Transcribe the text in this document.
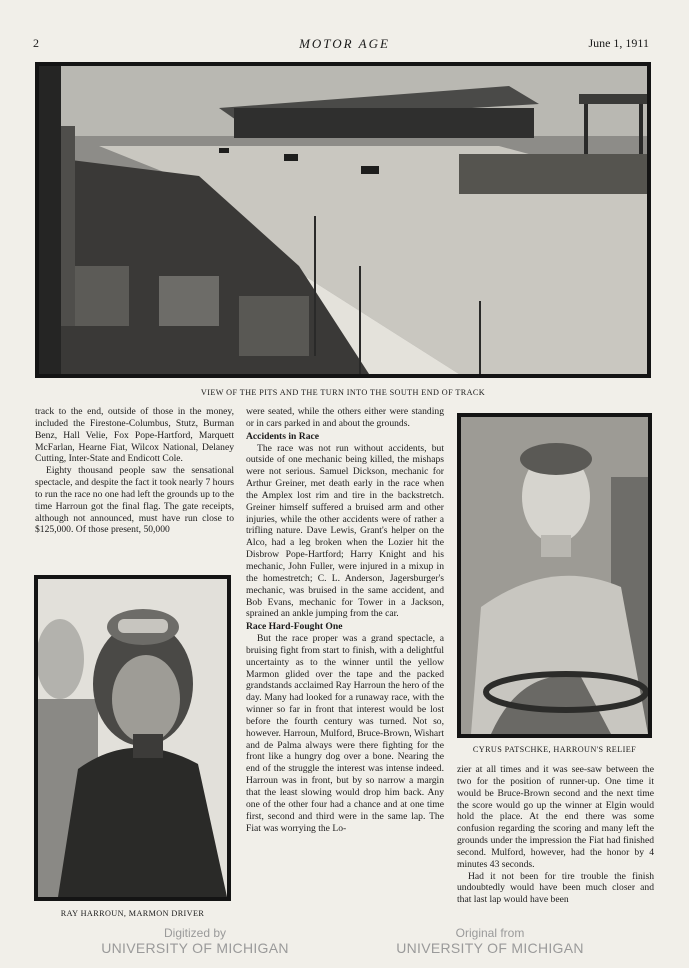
2	MOTOR AGE	June 1, 1911
VIEW OF THE PITS AND THE TURN INTO THE SOUTH END OF TRACK

track to the end, outside of those in the money, included the Firestone-Columbus, Stutz, Burman Benz, Hall Velie, Fox Pope-Hartford, Marquett McFarlan, Hearne Fiat, Wilcox National, Delaney Cutting, Inter-State and Endicott Cole.

Eighty thousand people saw the sensational spectacle, and despite the fact it took nearly 7 hours to run the race no one had left the grounds up to the time Harroun got the final flag. The gate receipts, although not announced, must have run close to $125,000. Of those present, 50,000

RAY HARROUN, MARMON DRIVER

were seated, while the others either were standing or in cars parked in and about the grounds.

Accidents in Race

The race was not run without accidents, but outside of one mechanic being killed, the mishaps were not serious. Samuel Dickson, mechanic for Arthur Greiner, met death early in the race when the Amplex lost rim and tire in the backstretch. Greiner himself suffered a bruised arm and other injuries, while the other accidents were of rather a trifling nature. Dave Lewis, Grant's helper on the Alco, had a leg broken when the Lozier hit the Disbrow Pope-Hartford; Harry Knight and his mechanic, John Fuller, were injured in a mixup in the homestretch; C. L. Anderson, Jagersburger's mechanic, was bruised in the same accident, and Bob Evans, mechanic for Tower in a Jackson, sprained an ankle jumping from the car.

Race Hard-Fought One

But the race proper was a grand spectacle, a bruising fight from start to finish, with a delightful uncertainty as to the winner until the yellow Marmon glided over the tape and the packed grandstands acclaimed Ray Harroun the hero of the day. Many had looked for a runaway race, with the winner so far in front that interest would be lost before the fourth century was turned. Not so, however. Harroun, Mulford, Bruce-Brown, Wishart and de Palma always were there fighting for the front like a hungry dog over a bone. Nearing the end of the struggle the interest was intense indeed. Harroun was in front, but by so narrow a margin that the least slowing would drop him back. Any one of the other four had a chance and at one time first, second and third were in the same lap. The Fiat was worrying the Lo-

CYRUS PATSCHKE, HARROUN'S RELIEF

zier at all times and it was see-saw between the two for the position of runner-up. One time it would be Bruce-Brown second and the next time the score would go up the winner at Elgin would hold the place. At the end there was some confusion regarding the scoring and many left the grounds under the impression the Fiat had finished second. Mulford, however, had the honor by 4 minutes 43 seconds.

Had it not been for tire trouble the finish undoubtedly would have been much closer and that last lap would have been

Digitized by
UNIVERSITY OF MICHIGAN
Original from
UNIVERSITY OF MICHIGAN
